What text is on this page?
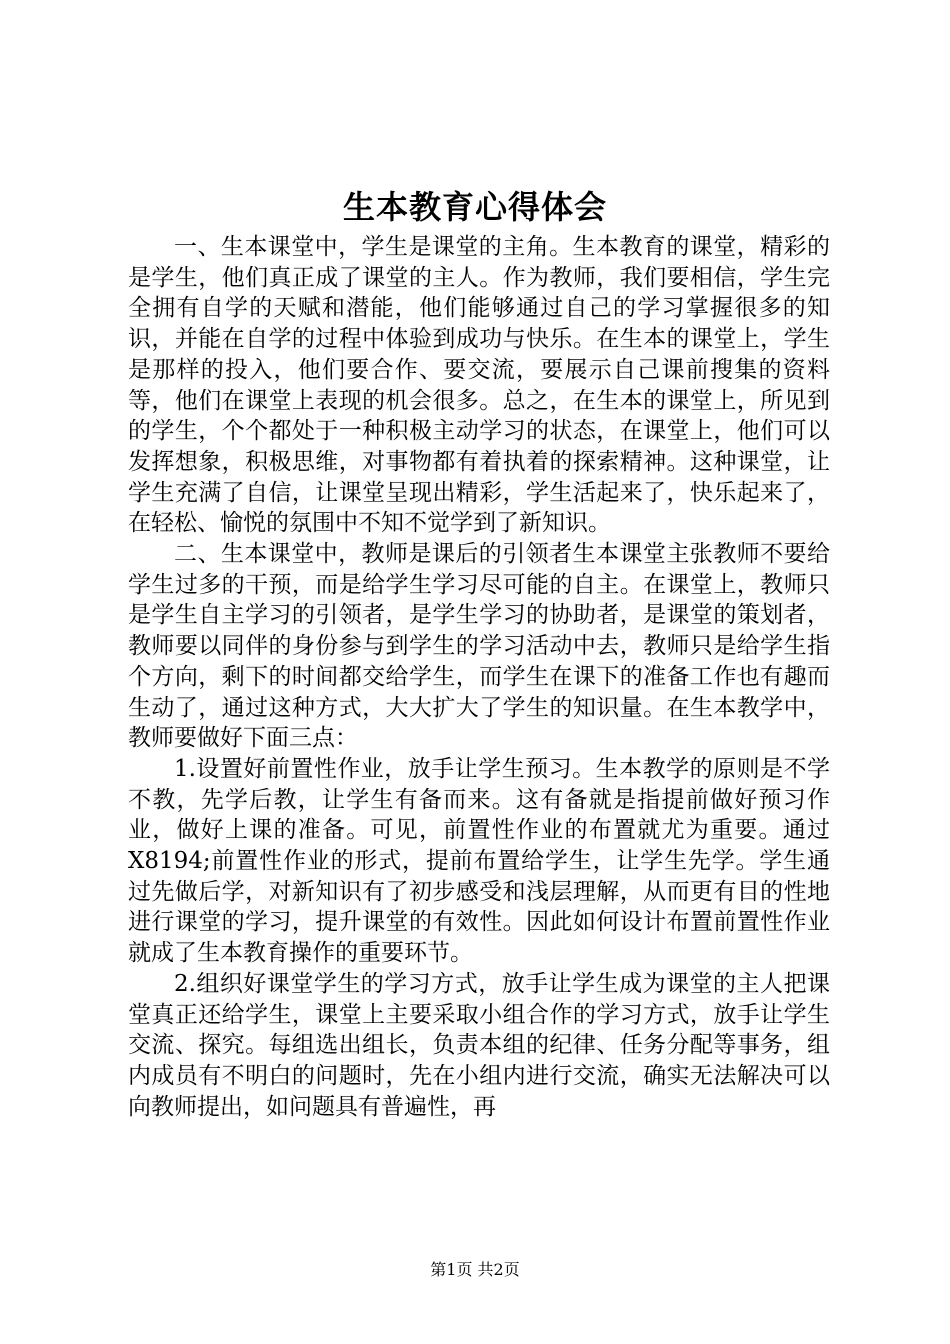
生本教育心得体会

一、生本课堂中，学生是课堂的主角。生本教育的课堂，精彩的是学生，他们真正成了课堂的主人。作为教师，我们要相信，学生完全拥有自学的天赋和潜能，他们能够通过自己的学习掌握很多的知识，并能在自学的过程中体验到成功与快乐。在生本的课堂上，学生是那样的投入，他们要合作、要交流，要展示自己课前搜集的资料等，他们在课堂上表现的机会很多。总之，在生本的课堂上，所见到的学生，个个都处于一种积极主动学习的状态，在课堂上，他们可以发挥想象，积极思维，对事物都有着执着的探索精神。这种课堂，让学生充满了自信，让课堂呈现出精彩，学生活起来了，快乐起来了，在轻松、愉悦的氛围中不知不觉学到了新知识。

二、生本课堂中，教师是课后的引领者生本课堂主张教师不要给学生过多的干预，而是给学生学习尽可能的自主。在课堂上，教师只是学生自主学习的引领者，是学生学习的协助者，是课堂的策划者，教师要以同伴的身份参与到学生的学习活动中去，教师只是给学生指个方向，剩下的时间都交给学生，而学生在课下的准备工作也有趣而生动了，通过这种方式，大大扩大了学生的知识量。在生本教学中，教师要做好下面三点：

1.设置好前置性作业，放手让学生预习。生本教学的原则是不学不教，先学后教，让学生有备而来。这有备就是指提前做好预习作业，做好上课的准备。可见，前置性作业的布置就尤为重要。通过X8194;前置性作业的形式，提前布置给学生，让学生先学。学生通过先做后学，对新知识有了初步感受和浅层理解，从而更有目的性地进行课堂的学习，提升课堂的有效性。因此如何设计布置前置性作业就成了生本教育操作的重要环节。

2.组织好课堂学生的学习方式，放手让学生成为课堂的主人把课堂真正还给学生，课堂上主要采取小组合作的学习方式，放手让学生交流、探究。每组选出组长，负责本组的纪律、任务分配等事务，组内成员有不明白的问题时，先在小组内进行交流，确实无法解决可以向教师提出，如问题具有普遍性，再

第1页 共2页
